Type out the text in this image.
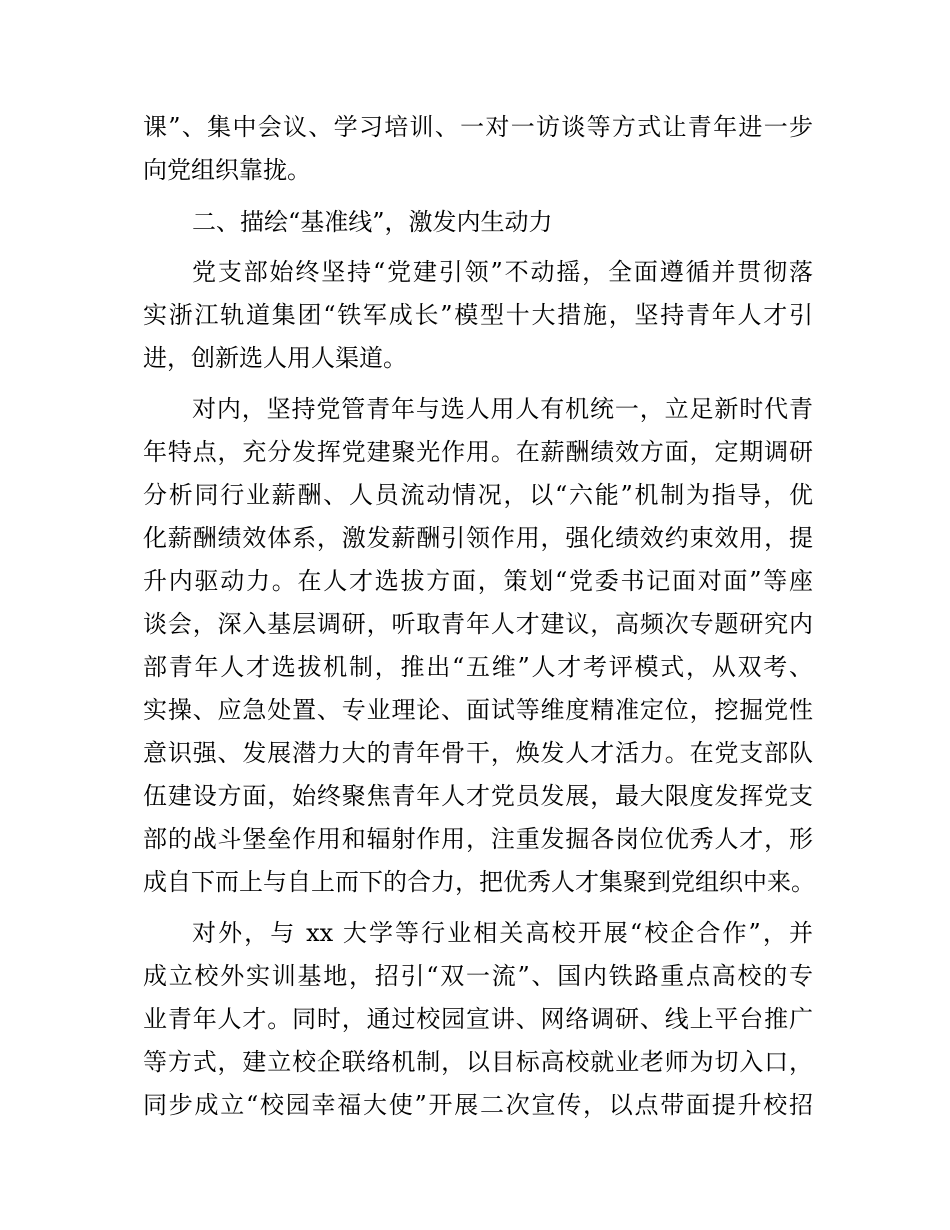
课”、集中会议、学习培训、一对一访谈等方式让青年进一步
向党组织靠拢。
二、描绘“基准线”，激发内生动力
党支部始终坚持“党建引领”不动摇，全面遵循并贯彻落
实浙江轨道集团“铁军成长”模型十大措施，坚持青年人才引
进，创新选人用人渠道。
对内，坚持党管青年与选人用人有机统一，立足新时代青
年特点，充分发挥党建聚光作用。在薪酬绩效方面，定期调研
分析同行业薪酬、人员流动情况，以“六能”机制为指导，优
化薪酬绩效体系，激发薪酬引领作用，强化绩效约束效用，提
升内驱动力。在人才选拔方面，策划“党委书记面对面”等座
谈会，深入基层调研，听取青年人才建议，高频次专题研究内
部青年人才选拔机制，推出“五维”人才考评模式，从双考、
实操、应急处置、专业理论、面试等维度精准定位，挖掘党性
意识强、发展潜力大的青年骨干，焕发人才活力。在党支部队
伍建设方面，始终聚焦青年人才党员发展，最大限度发挥党支
部的战斗堡垒作用和辐射作用，注重发掘各岗位优秀人才，形
成自下而上与自上而下的合力，把优秀人才集聚到党组织中来。
对外，与 xx 大学等行业相关高校开展“校企合作”，并
成立校外实训基地，招引“双一流”、国内铁路重点高校的专
业青年人才。同时，通过校园宣讲、网络调研、线上平台推广
等方式，建立校企联络机制，以目标高校就业老师为切入口，
同步成立“校园幸福大使”开展二次宣传，以点带面提升校招
